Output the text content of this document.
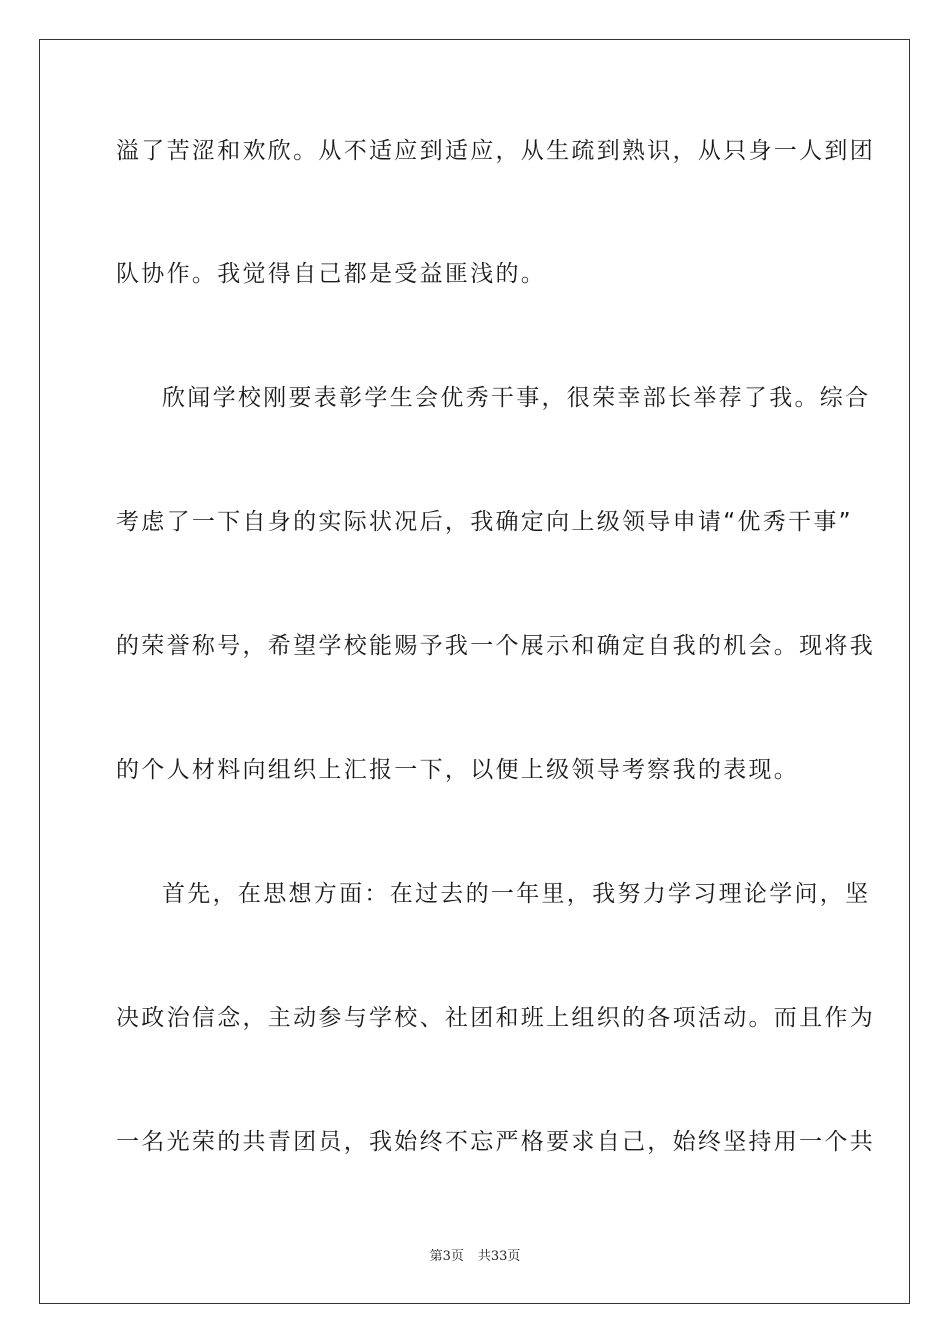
溢了苦涩和欢欣。从不适应到适应，从生疏到熟识，从只身一人到团
队协作。我觉得自己都是受益匪浅的。
欣闻学校刚要表彰学生会优秀干事，很荣幸部长举荐了我。综合
考虑了一下自身的实际状况后，我确定向上级领导申请“优秀干事”
的荣誉称号，希望学校能赐予我一个展示和确定自我的机会。现将我
的个人材料向组织上汇报一下，以便上级领导考察我的表现。
首先，在思想方面：在过去的一年里，我努力学习理论学问，坚
决政治信念，主动参与学校、社团和班上组织的各项活动。而且作为
一名光荣的共青团员，我始终不忘严格要求自己，始终坚持用一个共
第3页 共33页
